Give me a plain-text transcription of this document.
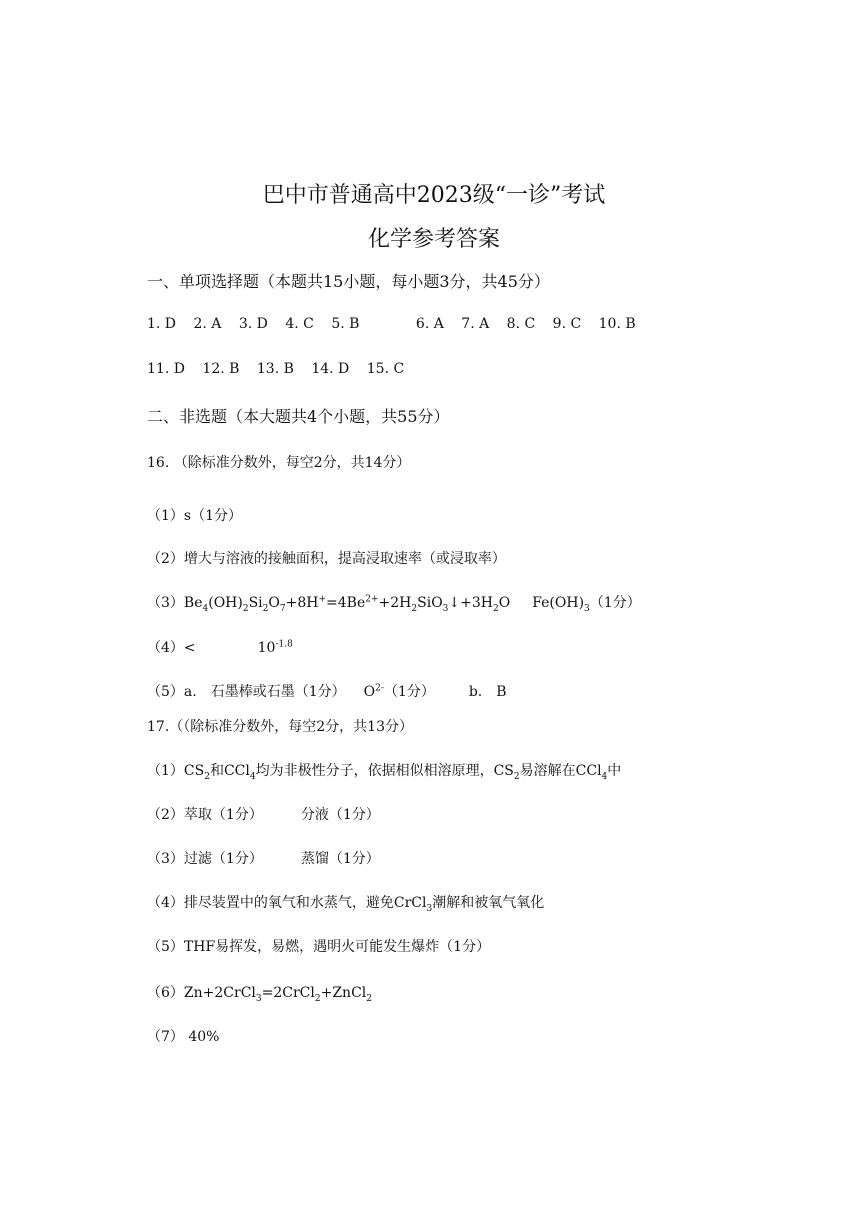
巴中市普通高中2023级“一诊”考试
化学参考答案
一、单项选择题（本题共15小题，每小题3分，共45分）
1. D 2. A 3. D 4. C 5. B	6. A 7. A 8. C 9. C 10. B
11. D 12. B 13. B 14. D 15. C
二、非选题（本大题共4个小题，共55分）
16. （除标准分数外，每空2分，共14分）
（1）s（1分）
（2）增大与溶液的接触面积，提高浸取速率（或浸取率）
$(3)Be_4(OH)_2Si_2O_7+8H^+=4Be^{2+}+2H_2SiO_3↓+3H_2O$ $Fe(OH)_3(1$分）
（4）<	$10^{-1.8}$
（5）a. 石墨棒或石墨（1分） $O^{2-}(1$分） b. B
17.（（除标准分数外，每空2分，共13分）
$(1)CS_2$和CCl$_4$均为非极性分子，依据相似相溶原理，$CS_2$易溶解在CCl$_4$中
（2）萃取（1分）	分液（1分）
（3）过滤（1分）	蒸馏（1分）
（4）排尽装置中的氧气和水蒸气，避免CrCl$_3$潮解和被氧气氧化
（5）THF易挥发，易燃，遇明火可能发生爆炸（1分）
（6）Zn+2CrCl$_3$=2CrCl$_2$+ZnCl$_2$
（7） 40%
